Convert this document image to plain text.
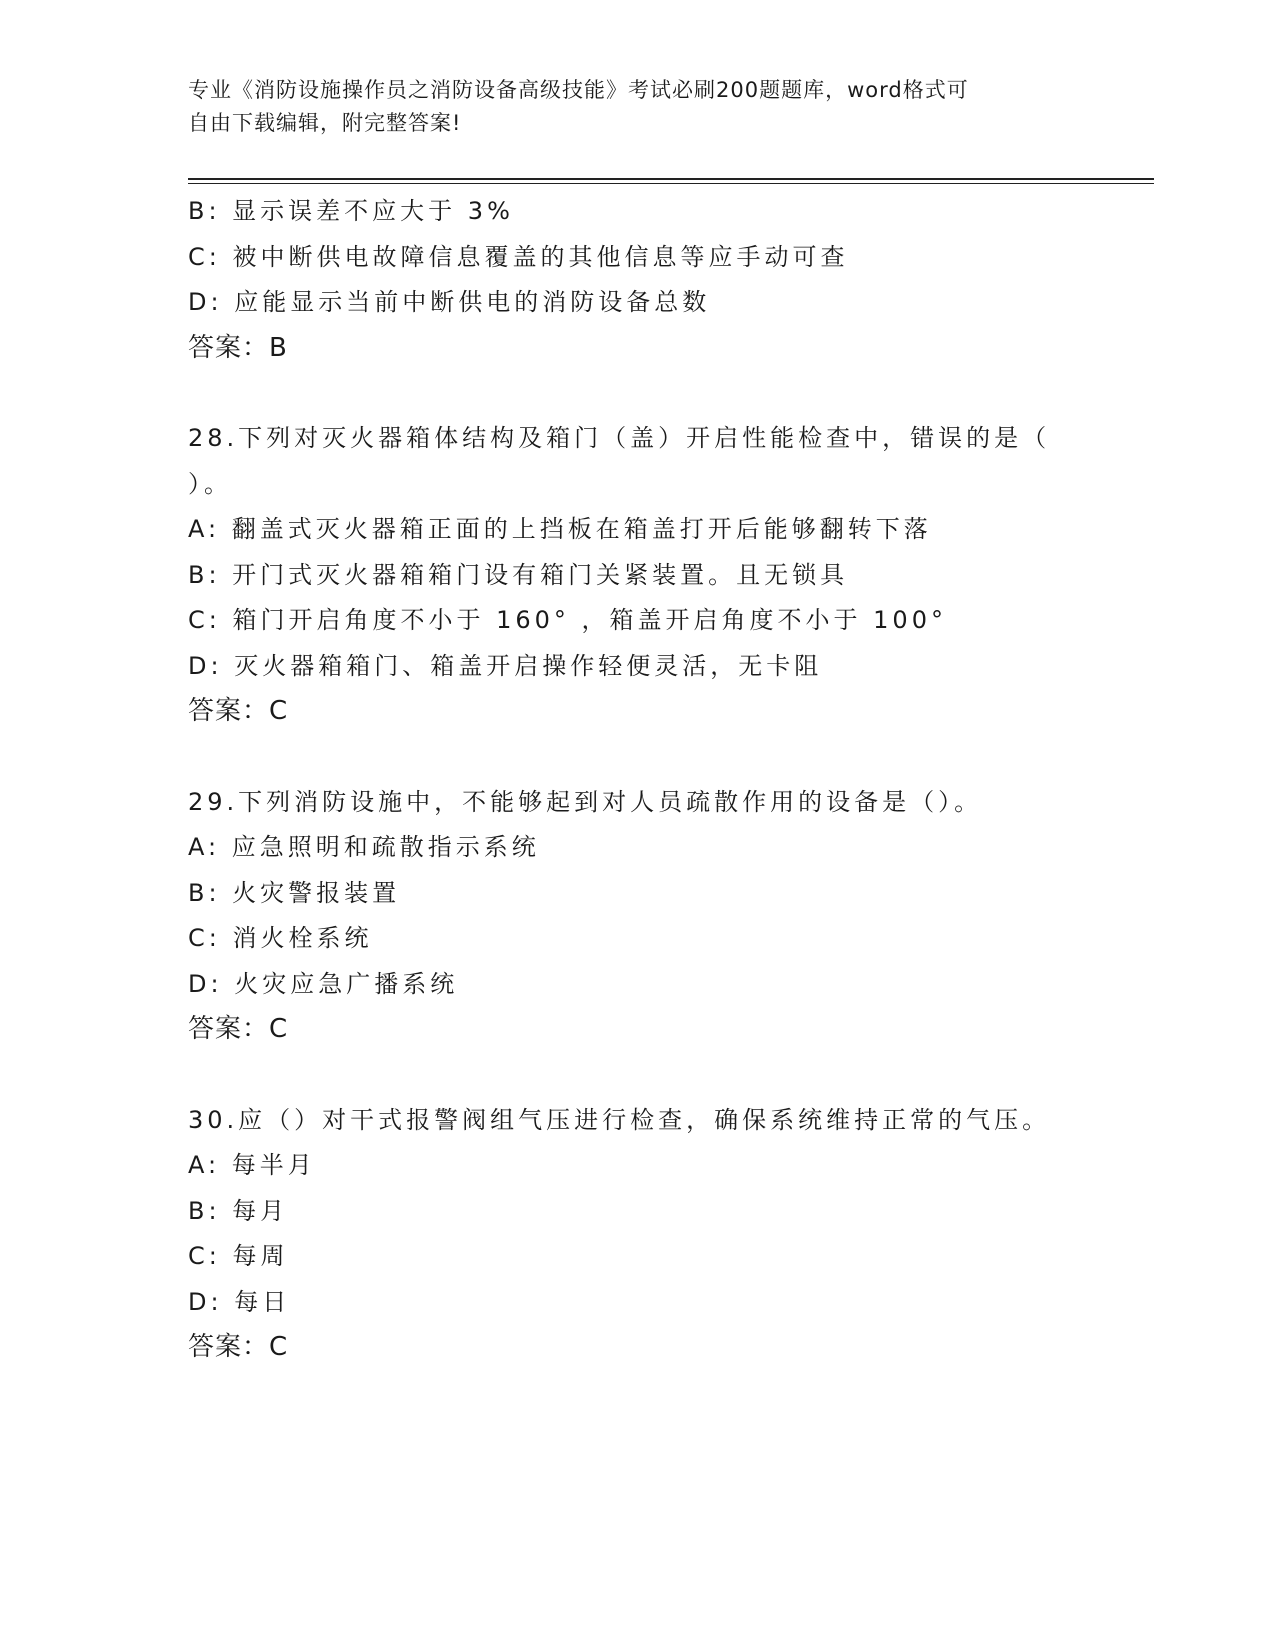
专业《消防设施操作员之消防设备高级技能》考试必刷200题题库，word格式可
自由下载编辑，附完整答案!
B: 显示误差不应大于 3%
C: 被中断供电故障信息覆盖的其他信息等应手动可查
D: 应能显示当前中断供电的消防设备总数
答案：B
28.下列对灭火器箱体结构及箱门（盖）开启性能检查中，错误的是（
）。
A: 翻盖式灭火器箱正面的上挡板在箱盖打开后能够翻转下落
B: 开门式灭火器箱箱门设有箱门关紧装置。且无锁具
C: 箱门开启角度不小于 160° ，箱盖开启角度不小于 100°
D: 灭火器箱箱门、箱盖开启操作轻便灵活，无卡阻
答案：C
29.下列消防设施中，不能够起到对人员疏散作用的设备是（）。
A: 应急照明和疏散指示系统
B: 火灾警报装置
C: 消火栓系统
D: 火灾应急广播系统
答案：C
30.应（）对干式报警阀组气压进行检查，确保系统维持正常的气压。
A: 每半月
B: 每月
C: 每周
D: 每日
答案：C
